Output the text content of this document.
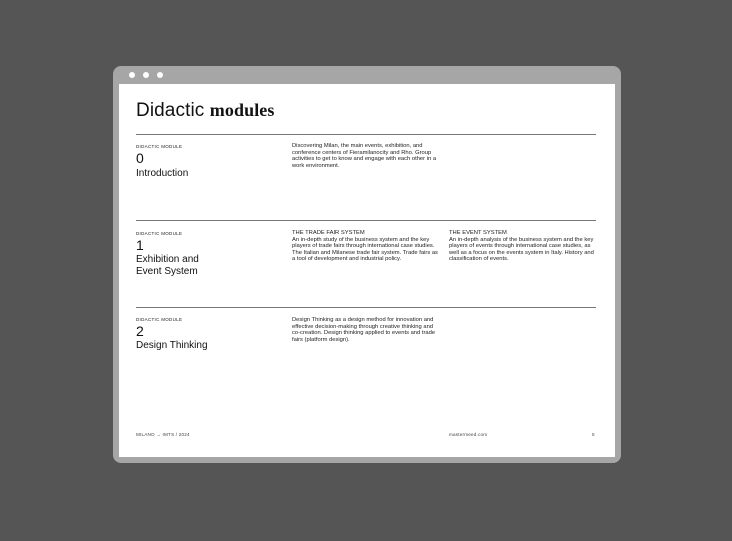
Didactic modules
DIDACTIC MODULE
0
Introduction
Discovering Milan, the main events, exhibition, and conference centers of Fieramilanocity and Rho. Group activities to get to know and engage with each other in a work environment.
DIDACTIC MODULE
1
Exhibition and Event System
THE TRADE FAIR SYSTEM
An in-depth study of the business system and the key players of trade fairs through international case studies. The Italian and Milanese trade fair system. Trade fairs as a tool of development and industrial policy.
THE EVENT SYSTEM
An in-depth analysis of the business system and the key players of events through international case studies, as well as a focus on the events system in Italy. History and classification of events.
DIDACTIC MODULE
2
Design Thinking
Design Thinking as a design method for innovation and effective decision-making through creative thinking and co-creation. Design thinking applied to events and trade fairs (platform design).
MILANO → IMTS / 2024	mastermeed.com	5
